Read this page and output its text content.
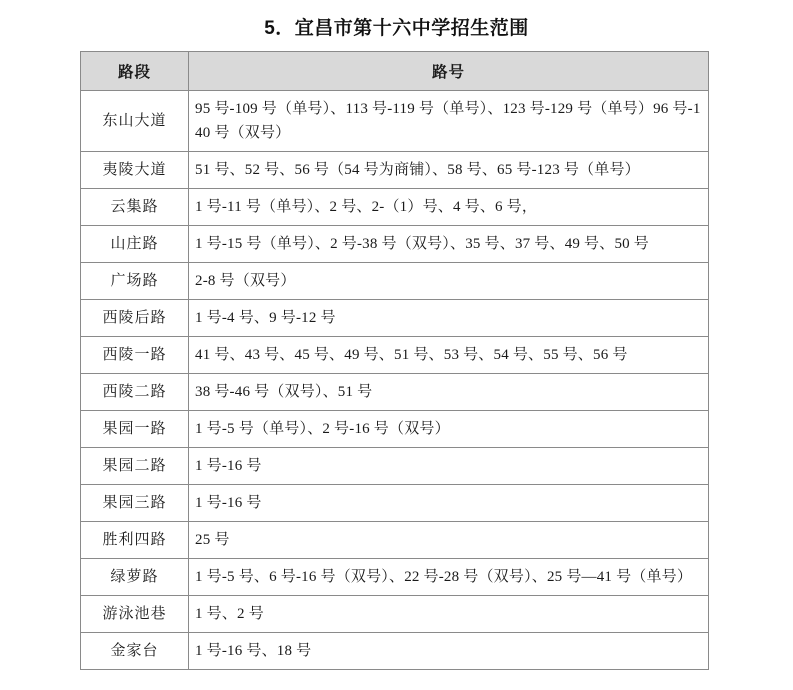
5．宜昌市第十六中学招生范围
路段	路号
东山大道	95 号-109 号（单号）、113 号-119 号（单号）、123 号-129 号（单号）96 号-140 号（双号）
夷陵大道	51 号、52 号、56 号（54 号为商铺）、58 号、65 号-123 号（单号）
云集路	1 号-11 号（单号）、2 号、2-（1）号、4 号、6 号，
山庄路	1 号-15 号（单号）、2 号-38 号（双号）、35 号、37 号、49 号、50 号
广场路	2-8 号（双号）
西陵后路	1 号-4 号、9 号-12 号
西陵一路	41 号、43 号、45 号、49 号、51 号、53 号、54 号、55 号、56 号
西陵二路	38 号-46 号（双号）、51 号
果园一路	1 号-5 号（单号）、2 号-16 号（双号）
果园二路	1 号-16 号
果园三路	1 号-16 号
胜利四路	25 号
绿萝路	1 号-5 号、6 号-16 号（双号）、22 号-28 号（双号）、25 号—41 号（单号）
游泳池巷	1 号、2 号
金家台	1 号-16 号、18 号
